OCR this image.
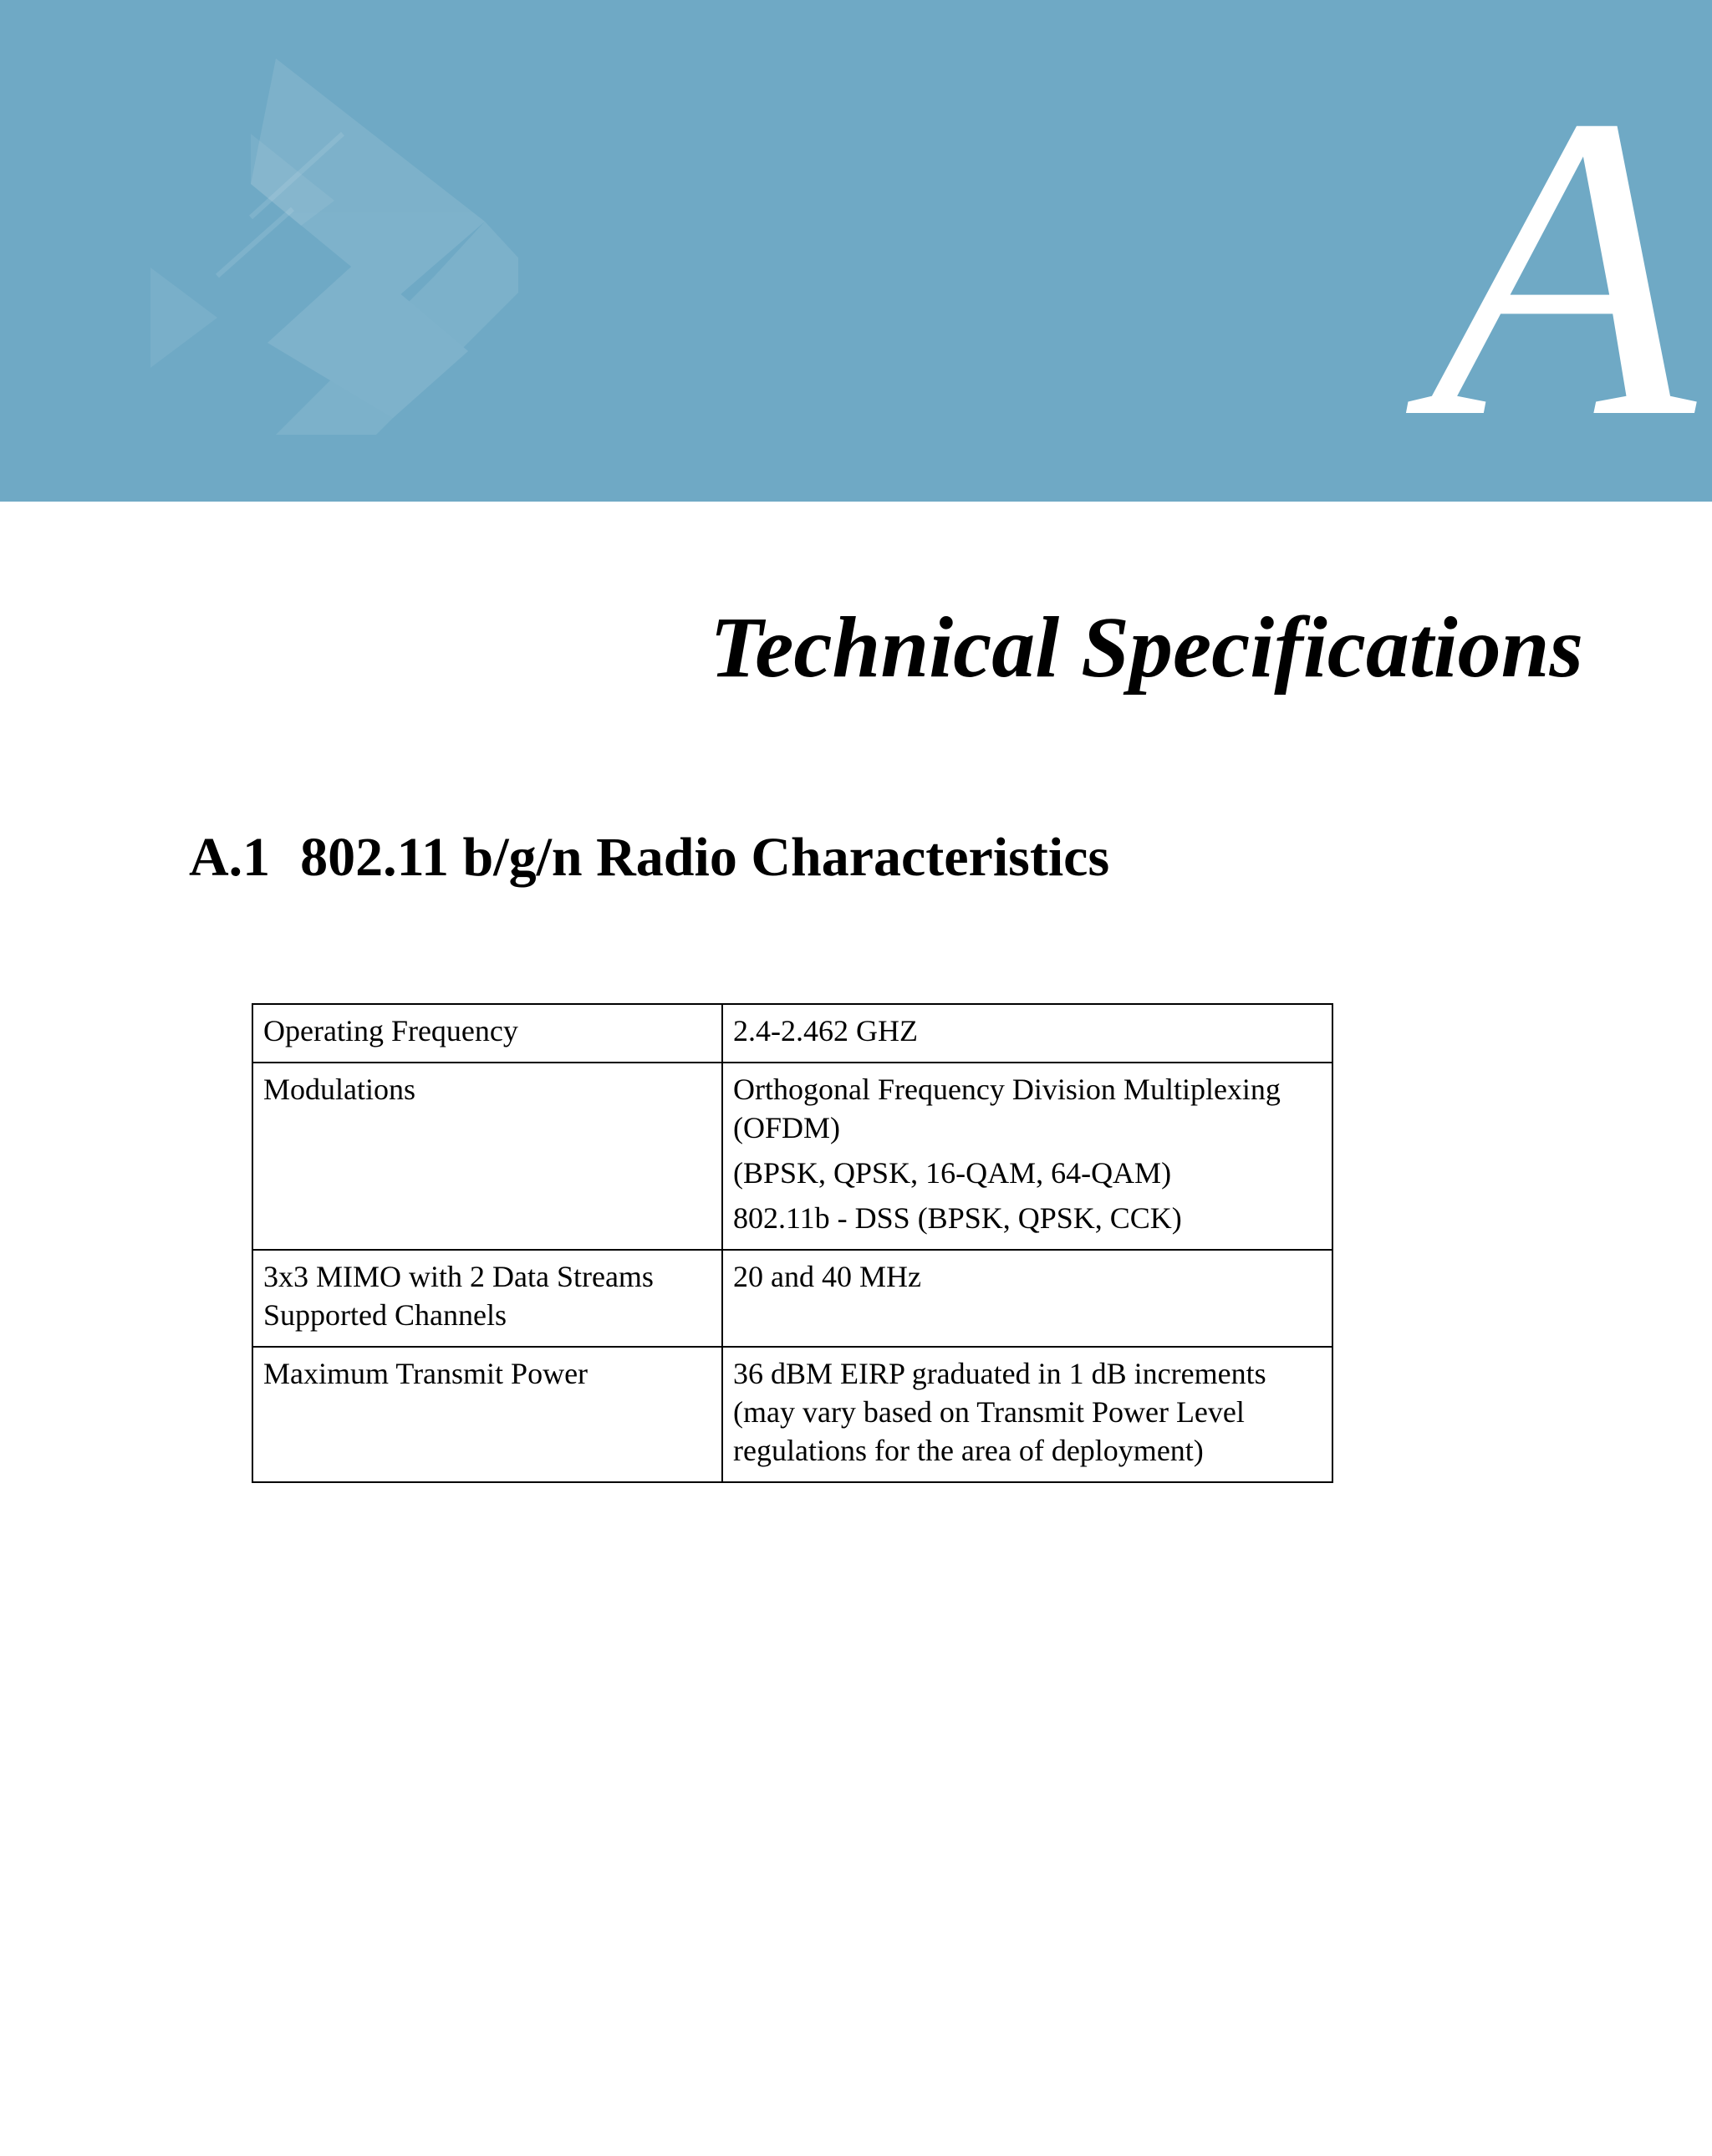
A
Technical Specifications
A.1 802.11 b/g/n Radio Characteristics
Operating Frequency	2.4-2.462 GHZ

Modulations	Orthogonal Frequency Division Multiplexing (OFDM)
(BPSK, QPSK, 16-QAM, 64-QAM)
802.11b - DSS (BPSK, QPSK, CCK)

3x3 MIMO with 2 Data Streams Supported Channels	20 and 40 MHz

Maximum Transmit Power	36 dBM EIRP graduated in 1 dB increments (may vary based on Transmit Power Level regulations for the area of deployment)
